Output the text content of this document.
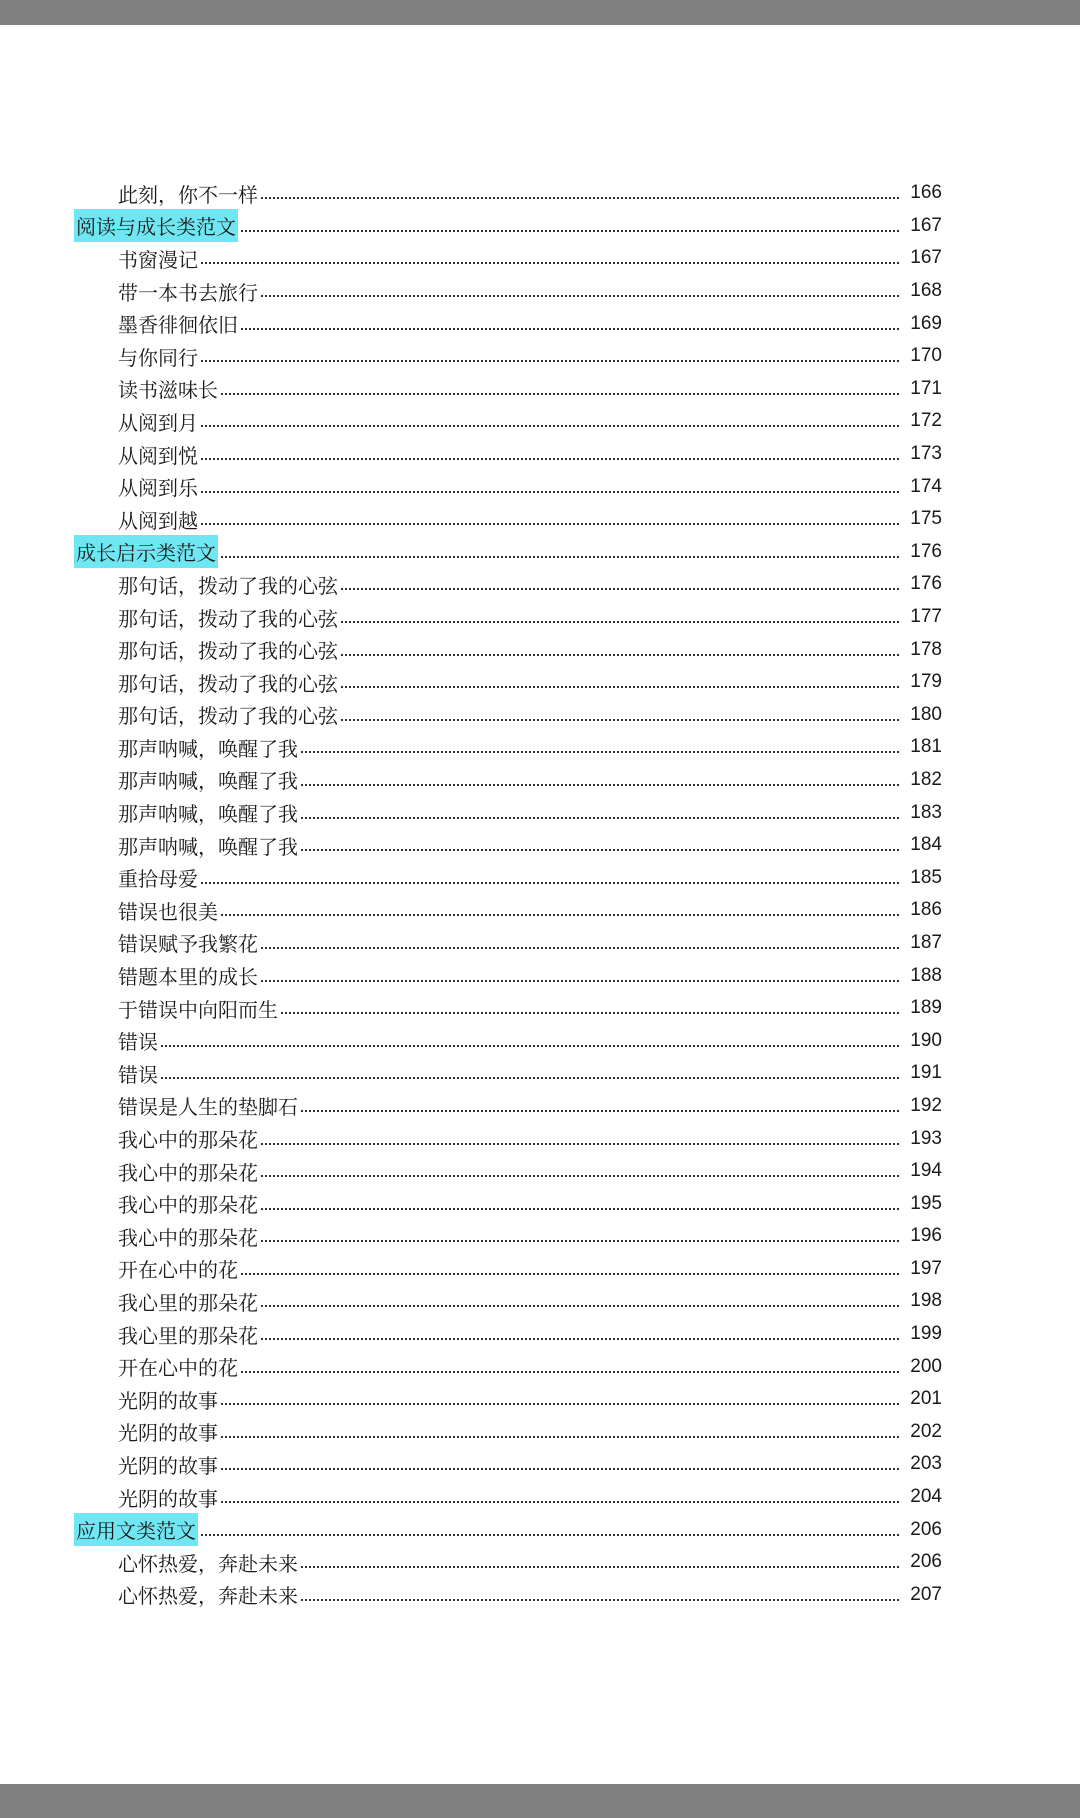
此刻，你不一样	166
阅读与成长类范文	167
书窗漫记	167
带一本书去旅行	168
墨香徘徊依旧	169
与你同行	170
读书滋味长	171
从阅到月	172
从阅到悦	173
从阅到乐	174
从阅到越	175
成长启示类范文	176
那句话，拨动了我的心弦	176
那句话，拨动了我的心弦	177
那句话，拨动了我的心弦	178
那句话，拨动了我的心弦	179
那句话，拨动了我的心弦	180
那声呐喊，唤醒了我	181
那声呐喊，唤醒了我	182
那声呐喊，唤醒了我	183
那声呐喊，唤醒了我	184
重拾母爱	185
错误也很美	186
错误赋予我繁花	187
错题本里的成长	188
于错误中向阳而生	189
错误	190
错误	191
错误是人生的垫脚石	192
我心中的那朵花	193
我心中的那朵花	194
我心中的那朵花	195
我心中的那朵花	196
开在心中的花	197
我心里的那朵花	198
我心里的那朵花	199
开在心中的花	200
光阴的故事	201
光阴的故事	202
光阴的故事	203
光阴的故事	204
应用文类范文	206
心怀热爱，奔赴未来	206
心怀热爱，奔赴未来	207
